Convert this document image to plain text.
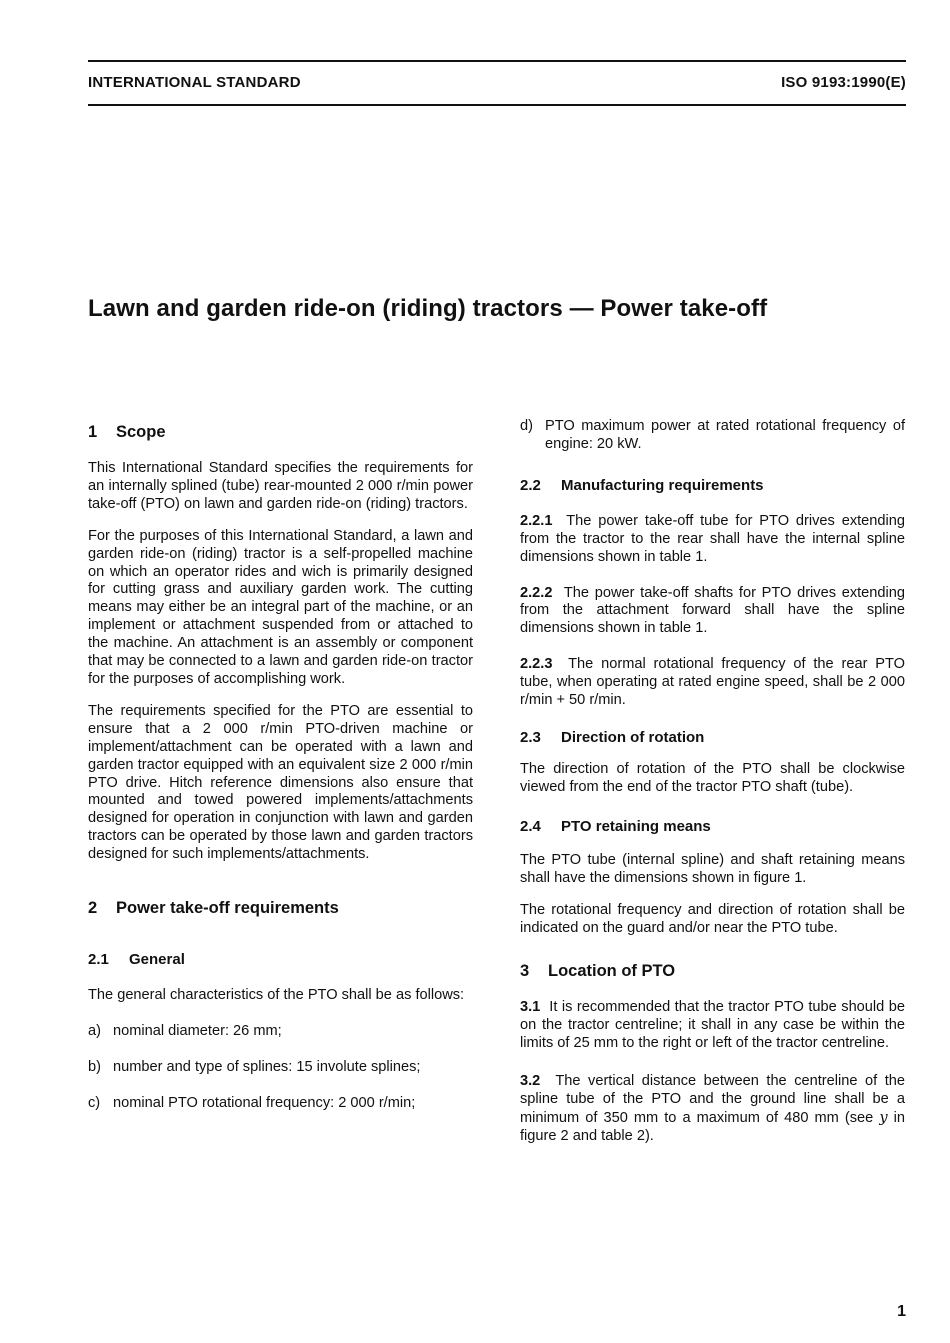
INTERNATIONAL STANDARD	ISO 9193:1990(E)
Lawn and garden ride-on (riding) tractors — Power take-off
1 Scope

This International Standard specifies the requirements for an internally splined (tube) rear-mounted 2 000 r/min power take-off (PTO) on lawn and garden ride-on (riding) tractors.

For the purposes of this International Standard, a lawn and garden ride-on (riding) tractor is a self-propelled machine on which an operator rides and wich is primarily designed for cutting grass and auxiliary garden work. The cutting means may either be an integral part of the machine, or an implement or attachment suspended from or attached to the machine. An attachment is an assembly or component that may be connected to a lawn and garden ride-on tractor for the purposes of accomplishing work.

The requirements specified for the PTO are essential to ensure that a 2 000 r/min PTO-driven machine or implement/attachment can be operated with a lawn and garden tractor equipped with an equivalent size 2 000 r/min PTO drive. Hitch reference dimensions also ensure that mounted and towed powered implements/attachments designed for operation in conjunction with lawn and garden tractors can be operated by those lawn and garden tractors designed for such implements/attachments.

2 Power take-off requirements
2.1 General

The general characteristics of the PTO shall be as follows:

a) nominal diameter: 26 mm;
b) number and type of splines: 15 involute splines;
c) nominal PTO rotational frequency: 2 000 r/min;
d) PTO maximum power at rated rotational frequency of engine: 20 kW.
2.2 Manufacturing requirements

2.2.1 The power take-off tube for PTO drives extending from the tractor to the rear shall have the internal spline dimensions shown in table 1.

2.2.2 The power take-off shafts for PTO drives extending from the attachment forward shall have the spline dimensions shown in table 1.

2.2.3 The normal rotational frequency of the rear PTO tube, when operating at rated engine speed, shall be 2 000 r/min + 50 r/min.

2.3 Direction of rotation

The direction of rotation of the PTO shall be clockwise viewed from the end of the tractor PTO shaft (tube).

2.4 PTO retaining means

The PTO tube (internal spline) and shaft retaining means shall have the dimensions shown in figure 1.

The rotational frequency and direction of rotation shall be indicated on the guard and/or near the PTO tube.

3 Location of PTO

3.1 It is recommended that the tractor PTO tube should be on the tractor centreline; it shall in any case be within the limits of 25 mm to the right or left of the tractor centreline.

3.2 The vertical distance between the centreline of the spline tube of the PTO and the ground line shall be a minimum of 350 mm to a maximum of 480 mm (see y in figure 2 and table 2).

1
